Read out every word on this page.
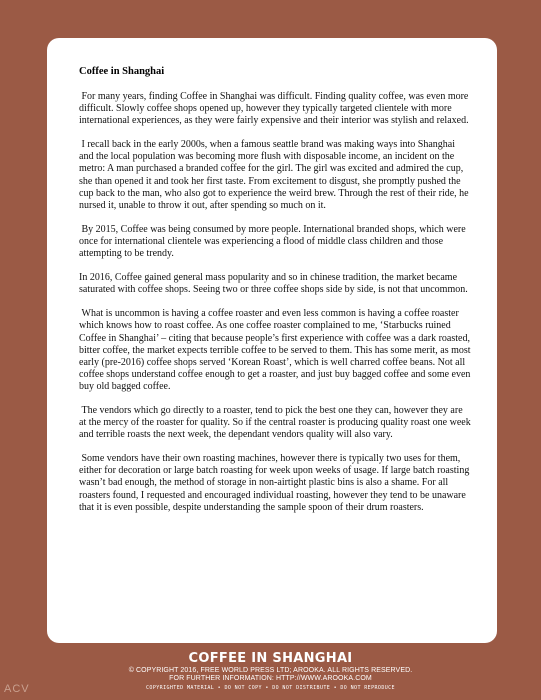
Coffee in Shanghai

For many years, finding Coffee in Shanghai was difficult. Finding quality coffee, was even more difficult. Slowly coffee shops opened up, however they typically targeted clientele with more international experiences, as they were fairly expensive and their interior was stylish and relaxed.

I recall back in the early 2000s, when a famous seattle brand was making ways into Shanghai and the local population was becoming more flush with disposable income, an incident on the metro: A man purchased a branded coffee for the girl. The girl was excited and admired the cup, she than opened it and took her first taste. From excitement to disgust, she promptly pushed the cup back to the man, who also got to experience the weird brew. Through the rest of their ride, he nursed it, unable to throw it out, after spending so much on it.

By 2015, Coffee was being consumed by more people. International branded shops, which were once for international clientele was experiencing a flood of middle class children and those attempting to be trendy.

In 2016, Coffee gained general mass popularity and so in chinese tradition, the market became saturated with coffee shops. Seeing two or three coffee shops side by side, is not that uncommon.

What is uncommon is having a coffee roaster and even less common is having a coffee roaster which knows how to roast coffee. As one coffee roaster complained to me, ‘Starbucks ruined Coffee in Shanghai’ – citing that because people’s first experience with coffee was a dark roasted, bitter coffee, the market expects terrible coffee to be served to them. This has some merit, as most early (pre-2016) coffee shops served ‘Korean Roast’, which is well charred coffee beans. Not all coffee shops understand coffee enough to get a roaster, and just buy bagged coffee and some even buy old bagged coffee.

The vendors which go directly to a roaster, tend to pick the best one they can, however they are at the mercy of the roaster for quality. So if the central roaster is producing quality roast one week and terrible roasts the next week, the dependant vendors quality will also vary.

Some vendors have their own roasting machines, however there is typically two uses for them, either for decoration or large batch roasting for week upon weeks of usage. If large batch roasting wasn’t bad enough, the method of storage in non-airtight plastic bins is also a shame. For all roasters found, I requested and encouraged individual roasting, however they tend to be unaware that it is even possible, despite understanding the sample spoon of their drum roasters.

COFFEE IN SHANGHAI
© COPYRIGHT 2016, FREE WORLD PRESS LTD; AROOKA. ALL RIGHTS RESERVED.
FOR FURTHER INFORMATION: HTTP://WWW.AROOKA.COM
COPYRIGHTED MATERIAL • DO NOT COPY • DO NOT DISTRIBUTE • DO NOT REPRODUCE
ACV
